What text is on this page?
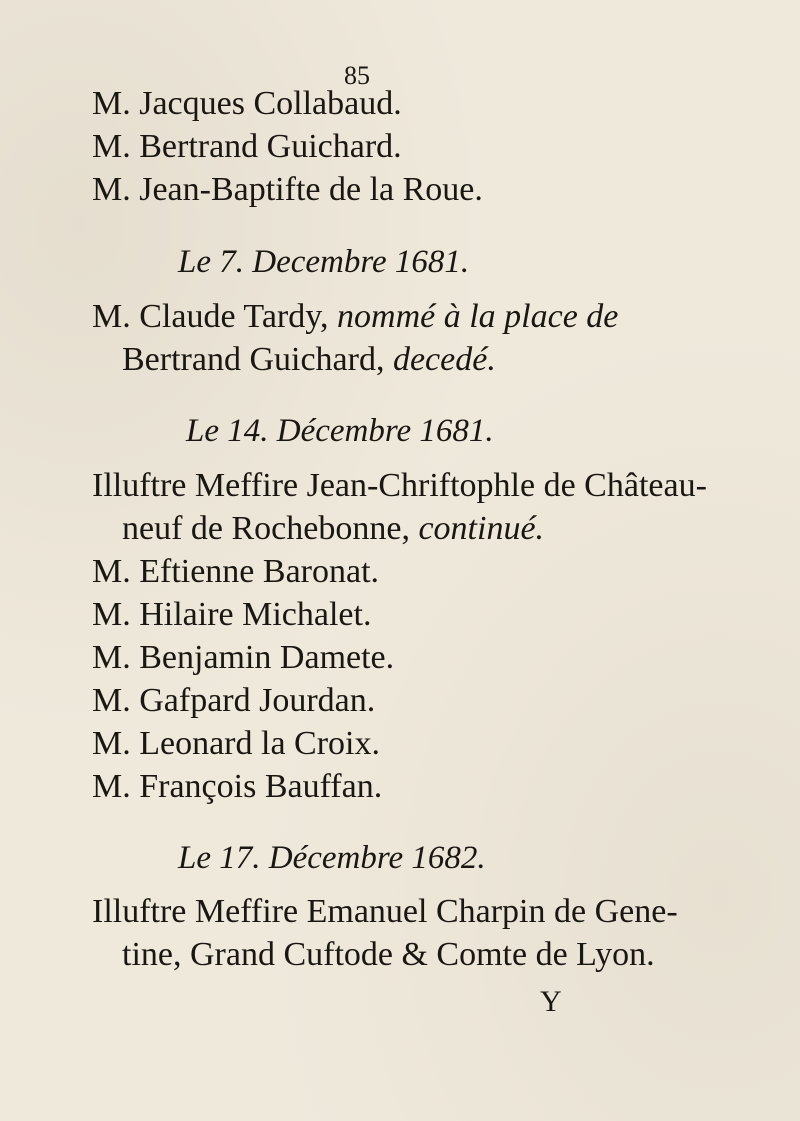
85
M. Jacques Collabaud.
M. Bertrand Guichard.
M. Jean-Baptifte de la Roue.
Le 7. Decembre 1681.
M. Claude Tardy, nommé à la place de
Bertrand Guichard, decedé.
Le 14. Décembre 1681.
Illuftre Meffire Jean-Chriftophle de Château-
neuf de Rochebonne, continué.
M. Eftienne Baronat.
M. Hilaire Michalet.
M. Benjamin Damete.
M. Gafpard Jourdan.
M. Leonard la Croix.
M. François Bauffan.
Le 17. Décembre 1682.
Illuftre Meffire Emanuel Charpin de Gene-
tine, Grand Cuftode & Comte de Lyon.
Y
